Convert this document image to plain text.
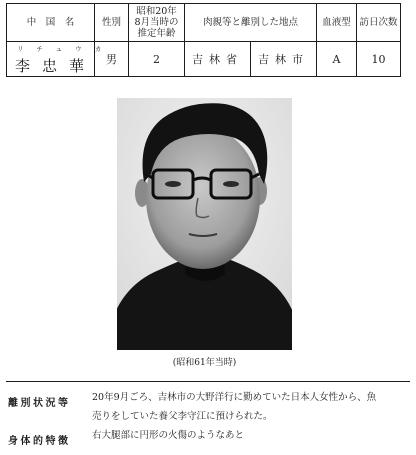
中　国　名	性別	昭和20年
8月当時の
推定年齢	肉親等と離別した地点		血液型	訪日次数

リチュウカ
李忠華	男	2	吉林省	吉林市	A	10
(昭和61年当時)
離別状況等
20年9月ごろ、吉林市の大野洋行に勤めていた日本人女性から、魚
売りをしていた養父李守江に預けられた。
身体的特徴
右大腿部に円形の火傷のようなあと
